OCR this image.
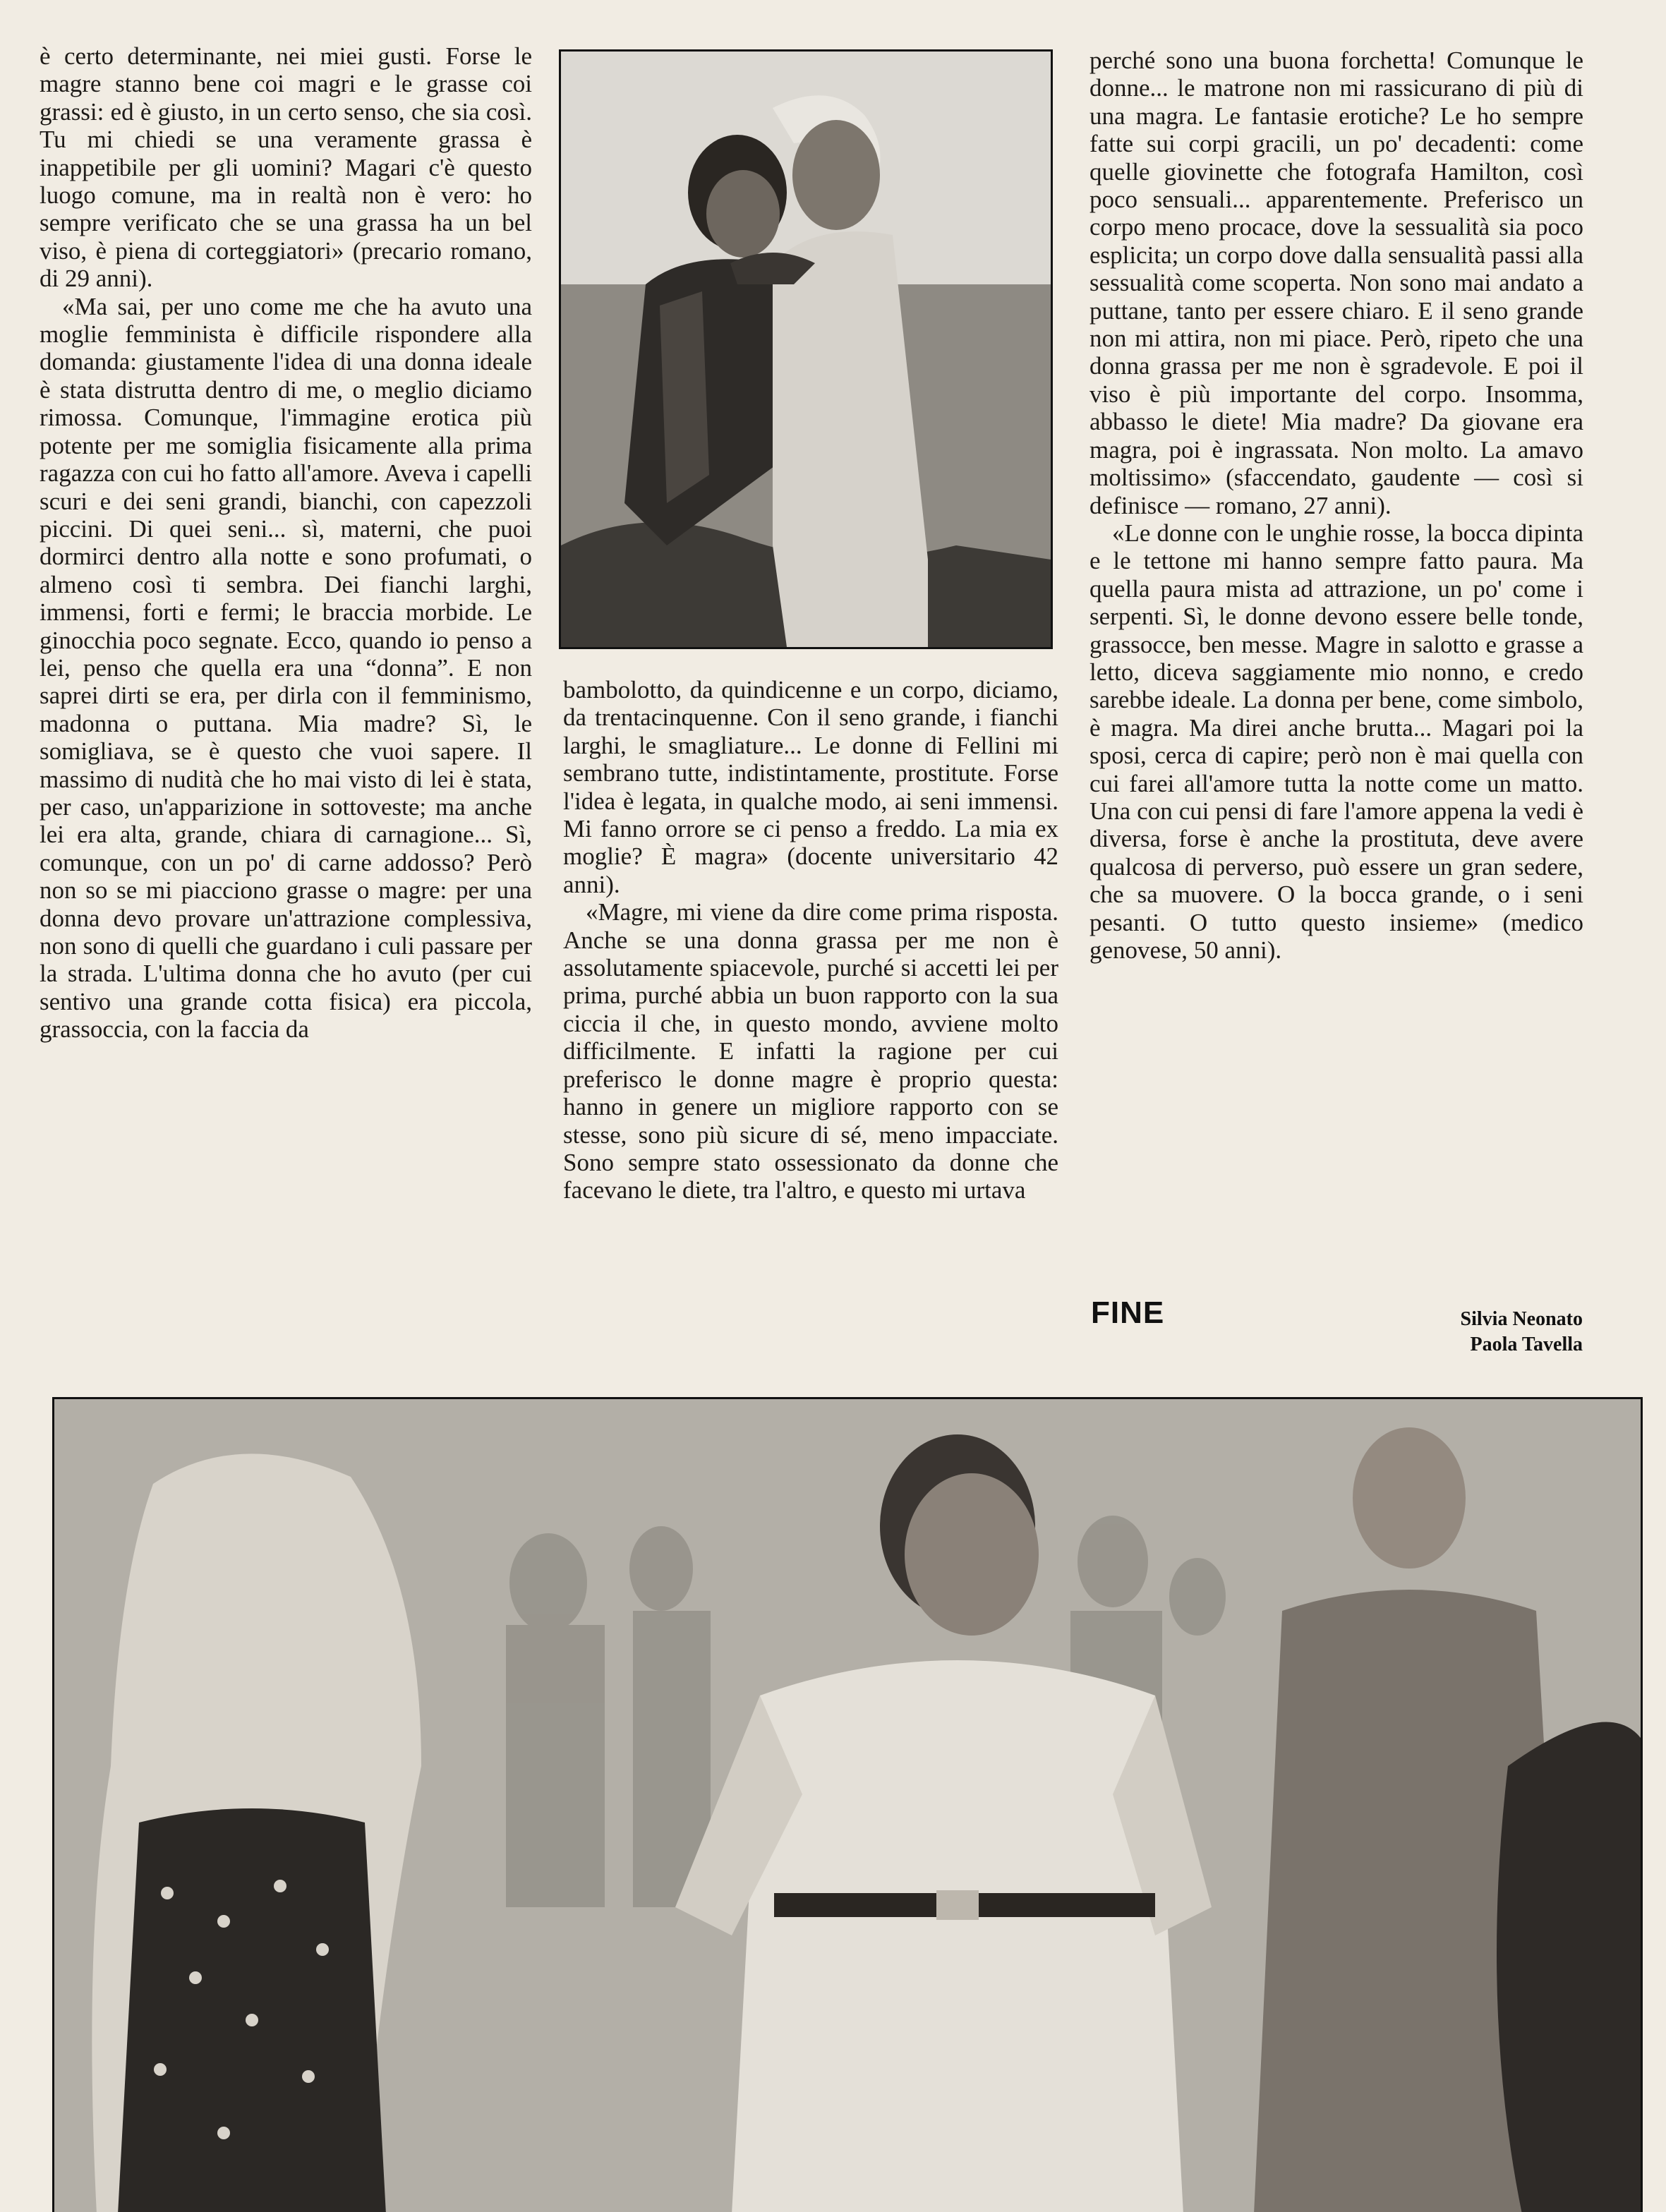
è certo determinante, nei miei gusti. Forse le magre stanno bene coi magri e le grasse coi grassi: ed è giusto, in un certo senso, che sia così. Tu mi chiedi se una veramente grassa è inappetibile per gli uomini? Magari c'è questo luogo comune, ma in realtà non è vero: ho sempre verificato che se una grassa ha un bel viso, è piena di corteggiatori» (precario romano, di 29 anni).

«Ma sai, per uno come me che ha avuto una moglie femminista è difficile rispondere alla domanda: giustamente l'idea di una donna ideale è stata distrutta dentro di me, o meglio diciamo rimossa. Comunque, l'immagine erotica più potente per me somiglia fisicamente alla prima ragazza con cui ho fatto all'amore. Aveva i capelli scuri e dei seni grandi, bianchi, con capezzoli piccini. Di quei seni... sì, materni, che puoi dormirci dentro alla notte e sono profumati, o almeno così ti sembra. Dei fianchi larghi, immensi, forti e fermi; le braccia morbide. Le ginocchia poco segnate. Ecco, quando io penso a lei, penso che quella era una “donna”. E non saprei dirti se era, per dirla con il femminismo, madonna o puttana. Mia madre? Sì, le somigliava, se è questo che vuoi sapere. Il massimo di nudità che ho mai visto di lei è stata, per caso, un'apparizione in sottoveste; ma anche lei era alta, grande, chiara di carnagione... Sì, comunque, con un po' di carne addosso? Però non so se mi piacciono grasse o magre: per una donna devo provare un'attrazione complessiva, non sono di quelli che guardano i culi passare per la strada. L'ultima donna che ho avuto (per cui sentivo una grande cotta fisica) era piccola, grassoccia, con la faccia da

bambolotto, da quindicenne e un corpo, diciamo, da trentacinquenne. Con il seno grande, i fianchi larghi, le smagliature... Le donne di Fellini mi sembrano tutte, indistintamente, prostitute. Forse l'idea è legata, in qualche modo, ai seni immensi. Mi fanno orrore se ci penso a freddo. La mia ex moglie? È magra» (docente universitario 42 anni).

«Magre, mi viene da dire come prima risposta. Anche se una donna grassa per me non è assolutamente spiacevole, purché si accetti lei per prima, purché abbia un buon rapporto con la sua ciccia il che, in questo mondo, avviene molto difficilmente. E infatti la ragione per cui preferisco le donne magre è proprio questa: hanno in genere un migliore rapporto con se stesse, sono più sicure di sé, meno impacciate. Sono sempre stato ossessionato da donne che facevano le diete, tra l'altro, e questo mi urtava

perché sono una buona forchetta! Comunque le donne... le matrone non mi rassicurano di più di una magra. Le fantasie erotiche? Le ho sempre fatte sui corpi gracili, un po' decadenti: come quelle giovinette che fotografa Hamilton, così poco sensuali... apparentemente. Preferisco un corpo meno procace, dove la sessualità sia poco esplicita; un corpo dove dalla sensualità passi alla sessualità come scoperta. Non sono mai andato a puttane, tanto per essere chiaro. E il seno grande non mi attira, non mi piace. Però, ripeto che una donna grassa per me non è sgradevole. E poi il viso è più importante del corpo. Insomma, abbasso le diete! Mia madre? Da giovane era magra, poi è ingrassata. Non molto. La amavo moltissimo» (sfaccendato, gaudente — così si definisce — romano, 27 anni).

«Le donne con le unghie rosse, la bocca dipinta e le tettone mi hanno sempre fatto paura. Ma quella paura mista ad attrazione, un po' come i serpenti. Sì, le donne devono essere belle tonde, grassocce, ben messe. Magre in salotto e grasse a letto, diceva saggiamente mio nonno, e credo sarebbe ideale. La donna per bene, come simbolo, è magra. Ma direi anche brutta... Magari poi la sposi, cerca di capire; però non è mai quella con cui farei all'amore tutta la notte come un matto. Una con cui pensi di fare l'amore appena la vedi è diversa, forse è anche la prostituta, deve avere qualcosa di perverso, può essere un gran sedere, che sa muovere. O la bocca grande, o i seni pesanti. O tutto questo insieme» (medico genovese, 50 anni).

FINE	Silvia Neonato
Paola Tavella
